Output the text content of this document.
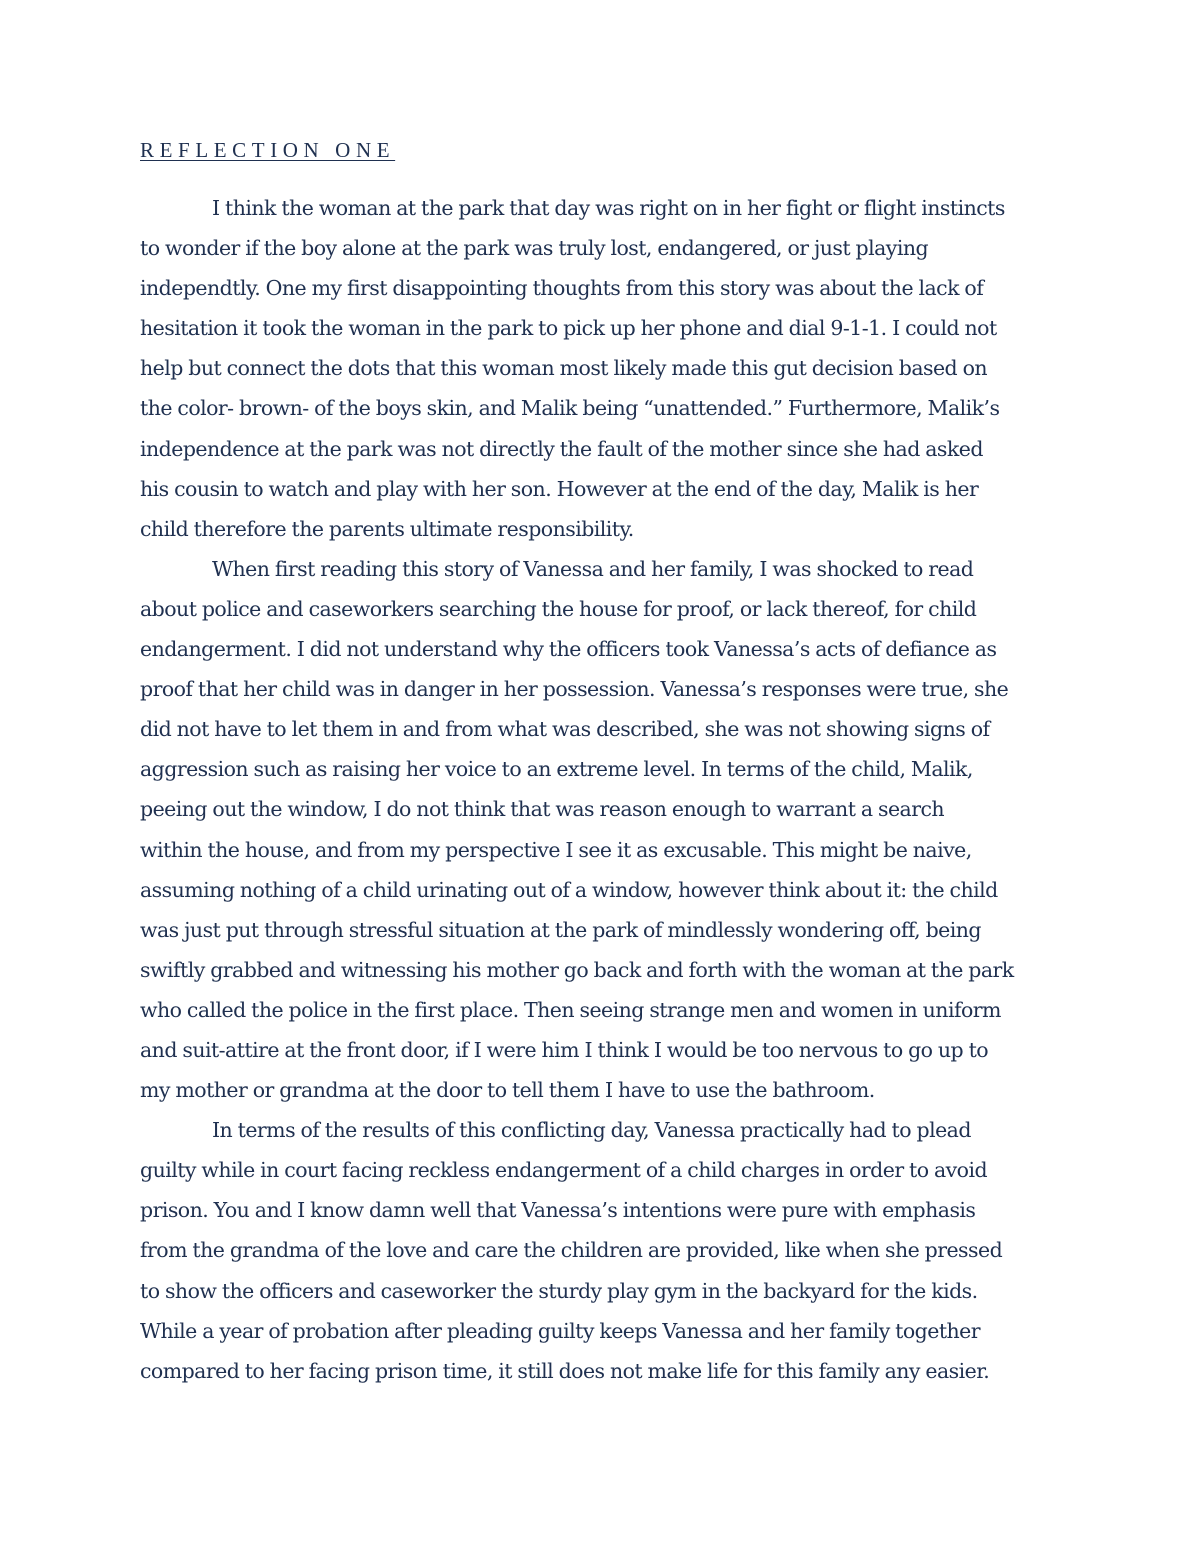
REFLECTION ONE

I think the woman at the park that day was right on in her fight or flight instincts
to wonder if the boy alone at the park was truly lost, endangered, or just playing
independtly. One my first disappointing thoughts from this story was about the lack of
hesitation it took the woman in the park to pick up her phone and dial 9-1-1. I could not
help but connect the dots that this woman most likely made this gut decision based on
the color- brown- of the boys skin, and Malik being “unattended.” Furthermore, Malik’s
independence at the park was not directly the fault of the mother since she had asked
his cousin to watch and play with her son. However at the end of the day, Malik is her
child therefore the parents ultimate responsibility.

When first reading this story of Vanessa and her family, I was shocked to read
about police and caseworkers searching the house for proof, or lack thereof, for child
endangerment. I did not understand why the officers took Vanessa’s acts of defiance as
proof that her child was in danger in her possession. Vanessa’s responses were true, she
did not have to let them in and from what was described, she was not showing signs of
aggression such as raising her voice to an extreme level. In terms of the child, Malik,
peeing out the window, I do not think that was reason enough to warrant a search
within the house, and from my perspective I see it as excusable. This might be naive,
assuming nothing of a child urinating out of a window, however think about it: the child
was just put through stressful situation at the park of mindlessly wondering off, being
swiftly grabbed and witnessing his mother go back and forth with the woman at the park
who called the police in the first place. Then seeing strange men and women in uniform
and suit-attire at the front door, if I were him I think I would be too nervous to go up to
my mother or grandma at the door to tell them I have to use the bathroom.

In terms of the results of this conflicting day, Vanessa practically had to plead
guilty while in court facing reckless endangerment of a child charges in order to avoid
prison. You and I know damn well that Vanessa’s intentions were pure with emphasis
from the grandma of the love and care the children are provided, like when she pressed
to show the officers and caseworker the sturdy play gym in the backyard for the kids.
While a year of probation after pleading guilty keeps Vanessa and her family together
compared to her facing prison time, it still does not make life for this family any easier.
